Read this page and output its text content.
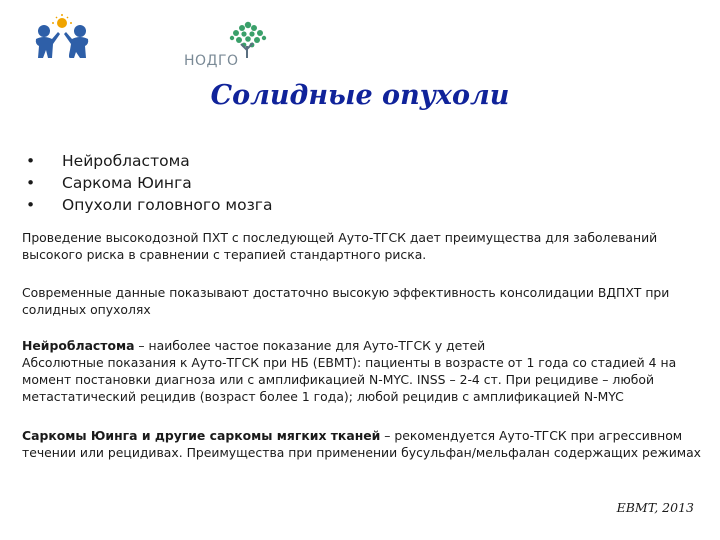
НОДГО
Солидные опухоли
• Нейробластома
• Саркома Юинга
• Опухоли головного мозга

Проведение высокодозной ПХТ с последующей Ауто-ТГСК дает преимущества для заболеваний высокого риска в сравнении с терапией стандартного риска.

Современные данные показывают достаточно высокую эффективность консолидации ВДПХТ при солидных опухолях

Нейробластома – наиболее частое показание для Ауто-ТГСК у детей
Абсолютные показания к Ауто-ТГСК при НБ (EBMT): пациенты в возрасте от 1 года со стадией 4 на момент постановки диагноза или с амплификацией N-MYC. INSS – 2-4 ст. При рецидиве – любой метастатический рецидив (возраст более 1 года); любой рецидив с амплификацией N-MYC

Саркомы Юинга и другие саркомы мягких тканей – рекомендуется Ауто-ТГСК при агрессивном течении или рецидивах. Преимущества при применении бусульфан/мельфалан содержащих режимах

EBMT, 2013
